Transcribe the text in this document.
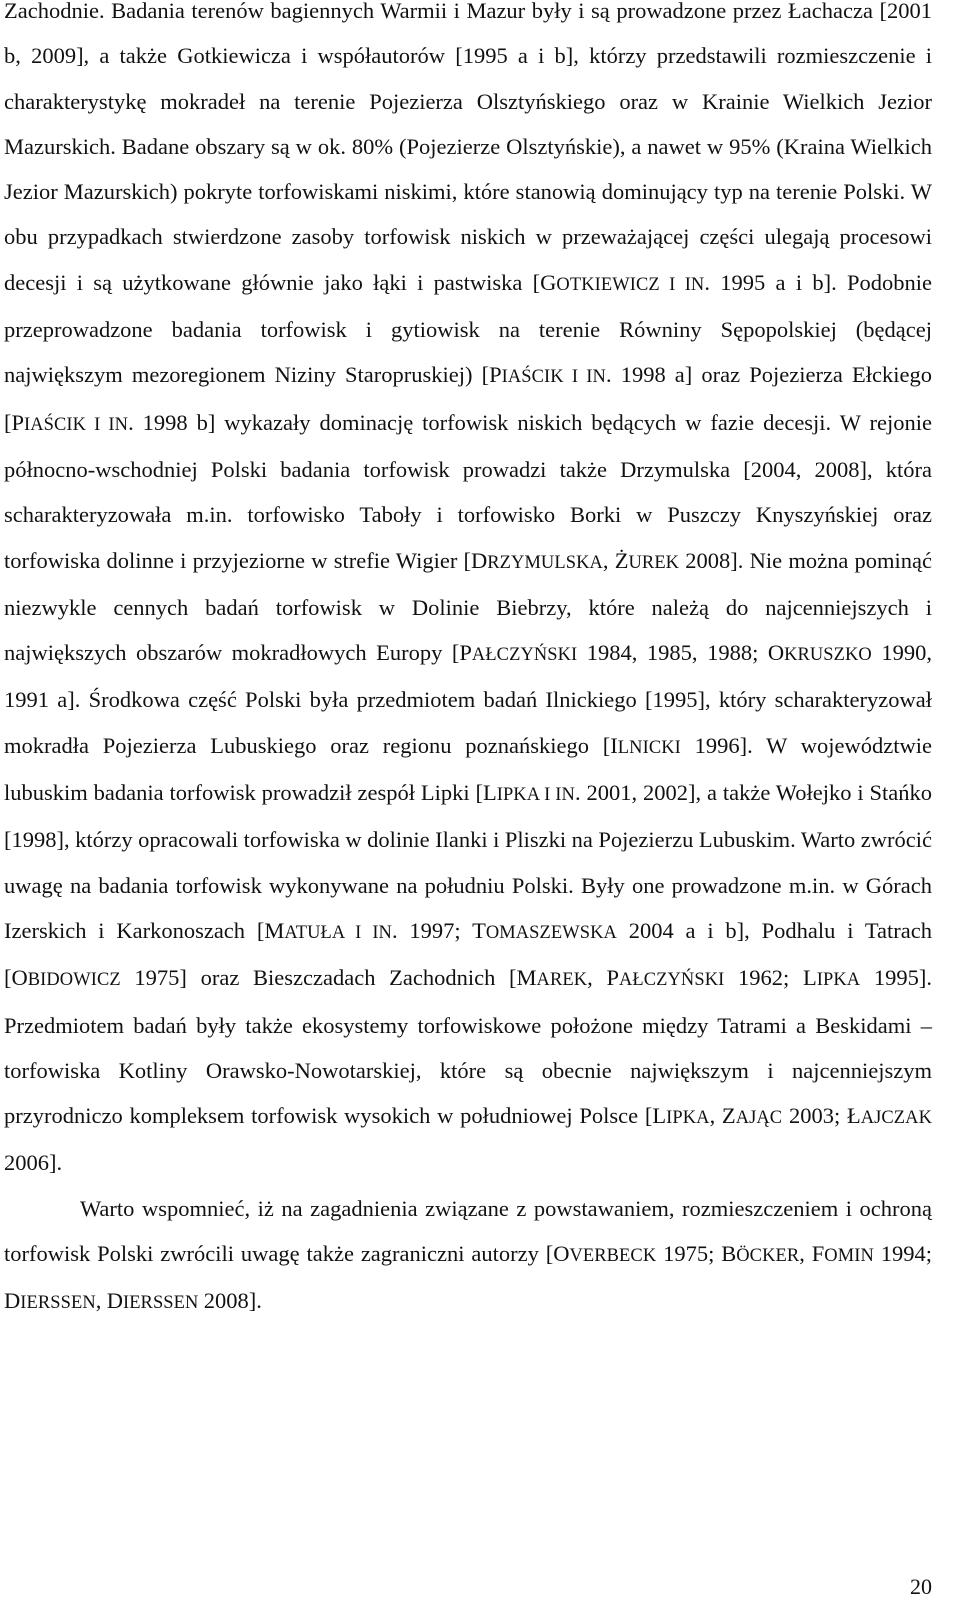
Zachodnie. Badania terenów bagiennych Warmii i Mazur były i są prowadzone przez Łachacza [2001 b, 2009], a także Gotkiewicza i współautorów [1995 a i b], którzy przedstawili rozmieszczenie i charakterystykę mokradeł na terenie Pojezierza Olsztyńskiego oraz w Krainie Wielkich Jezior Mazurskich. Badane obszary są w ok. 80% (Pojezierze Olsztyńskie), a nawet w 95% (Kraina Wielkich Jezior Mazurskich) pokryte torfowiskami niskimi, które stanowią dominujący typ na terenie Polski. W obu przypadkach stwierdzone zasoby torfowisk niskich w przeważającej części ulegają procesowi decesji i są użytkowane głównie jako łąki i pastwiska [GOTKIEWICZ I IN. 1995 a i b]. Podobnie przeprowadzone badania torfowisk i gytiowisk na terenie Równiny Sępopolskiej (będącej największym mezoregionem Niziny Staropruskiej) [PIAŚCIK I IN. 1998 a] oraz Pojezierza Ełckiego [PIAŚCIK I IN. 1998 b] wykazały dominację torfowisk niskich będących w fazie decesji. W rejonie północno-wschodniej Polski badania torfowisk prowadzi także Drzymulska [2004, 2008], która scharakteryzowała m.in. torfowisko Taboły i torfowisko Borki w Puszczy Knyszyńskiej oraz torfowiska dolinne i przyjeziorne w strefie Wigier [DRZYMULSKA, ŻUREK 2008]. Nie można pominąć niezwykle cennych badań torfowisk w Dolinie Biebrzy, które należą do najcenniejszych i największych obszarów mokradłowych Europy [PAŁCZYŃSKI 1984, 1985, 1988; OKRUSZKO 1990, 1991 a]. Środkowa część Polski była przedmiotem badań Ilnickiego [1995], który scharakteryzował mokradła Pojezierza Lubuskiego oraz regionu poznańskiego [ILNICKI 1996]. W województwie lubuskim badania torfowisk prowadził zespół Lipki [LIPKA I IN. 2001, 2002], a także Wołejko i Stańko [1998], którzy opracowali torfowiska w dolinie Ilanki i Pliszki na Pojezierzu Lubuskim. Warto zwrócić uwagę na badania torfowisk wykonywane na południu Polski. Były one prowadzone m.in. w Górach Izerskich i Karkonoszach [MATUŁA I IN. 1997; TOMASZEWSKA 2004 a i b], Podhalu i Tatrach [OBIDOWICZ 1975] oraz Bieszczadach Zachodnich [MAREK, PAŁCZYŃSKI 1962; LIPKA 1995]. Przedmiotem badań były także ekosystemy torfowiskowe położone między Tatrami a Beskidami – torfowiska Kotliny Orawsko-Nowotarskiej, które są obecnie największym i najcenniejszym przyrodniczo kompleksem torfowisk wysokich w południowej Polsce [LIPKA, ZAJĄC 2003; ŁAJCZAK 2006].

Warto wspomnieć, iż na zagadnienia związane z powstawaniem, rozmieszczeniem i ochroną torfowisk Polski zwrócili uwagę także zagraniczni autorzy [OVERBECK 1975; BÖCKER, FOMIN 1994; DIERSSEN, DIERSSEN 2008].

20
